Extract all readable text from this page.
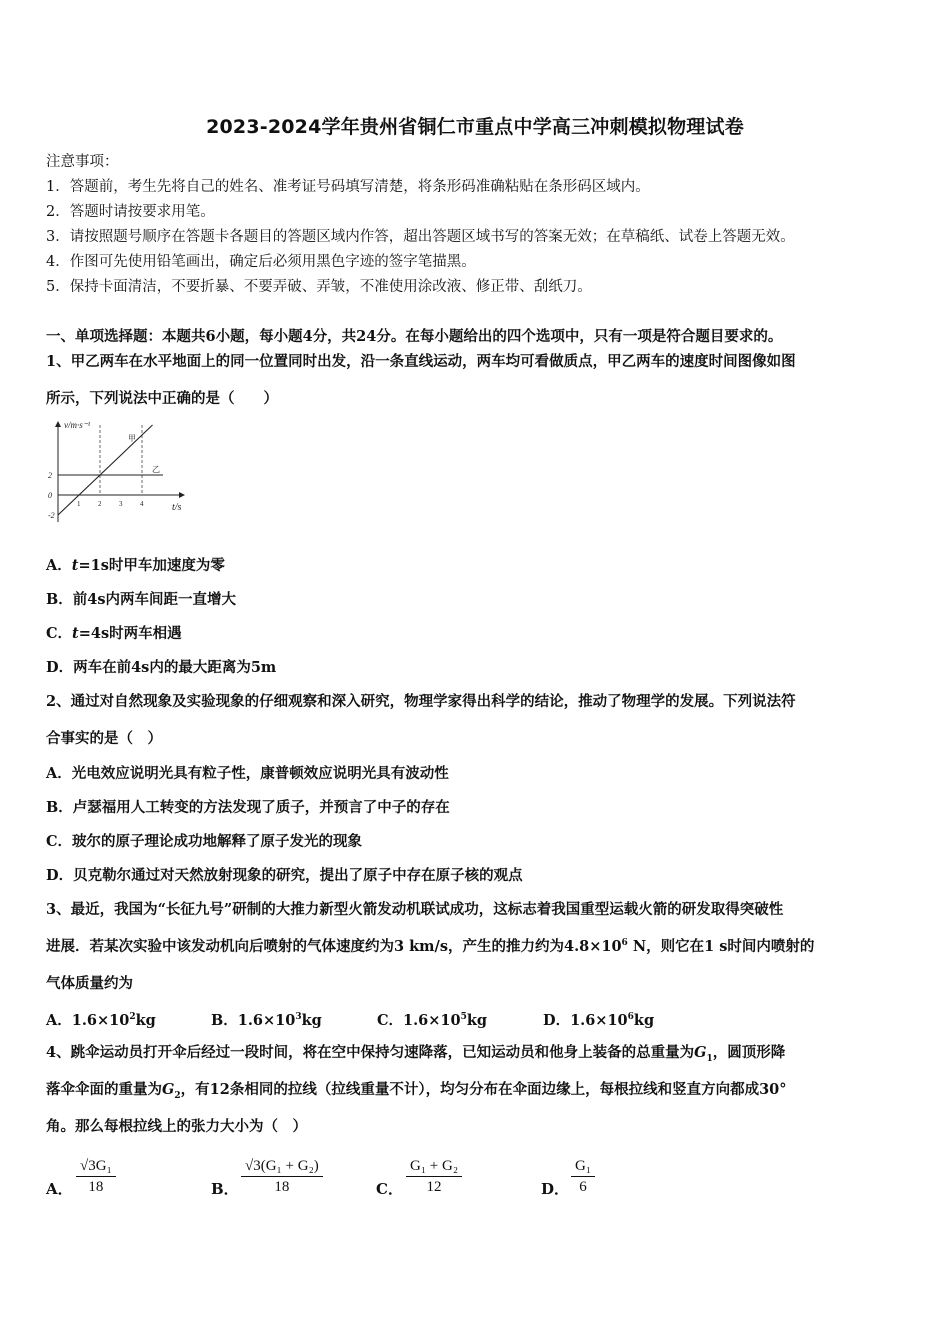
2023-2024学年贵州省铜仁市重点中学高三冲刺模拟物理试卷
注意事项：
1．答题前，考生先将自己的姓名、准考证号码填写清楚，将条形码准确粘贴在条形码区域内。
2．答题时请按要求用笔。
3．请按照题号顺序在答题卡各题目的答题区域内作答，超出答题区域书写的答案无效；在草稿纸、试卷上答题无效。
4．作图可先使用铅笔画出，确定后必须用黑色字迹的签字笔描黑。
5．保持卡面清洁，不要折暴、不要弄破、弄皱，不准使用涂改液、修正带、刮纸刀。
一、单项选择题：本题共6小题，每小题4分，共24分。在每小题给出的四个选项中，只有一项是符合题目要求的。
1、甲乙两车在水平地面上的同一位置同时出发，沿一条直线运动，两车均可看做质点，甲乙两车的速度时间图像如图
所示，下列说法中正确的是（　　）
1	2	3	4
2
0
-2
v/m·s⁻¹
t/s
甲
乙
A．t=1s时甲车加速度为零
B．前4s内两车间距一直增大
C．t=4s时两车相遇
D．两车在前4s内的最大距离为5m
2、通过对自然现象及实验现象的仔细观察和深入研究，物理学家得出科学的结论，推动了物理学的发展。下列说法符
合事实的是（　）
A．光电效应说明光具有粒子性，康普顿效应说明光具有波动性
B．卢瑟福用人工转变的方法发现了质子，并预言了中子的存在
C．玻尔的原子理论成功地解释了原子发光的现象
D．贝克勒尔通过对天然放射现象的研究，提出了原子中存在原子核的观点
3、最近，我国为“长征九号”研制的大推力新型火箭发动机联试成功，这标志着我国重型运载火箭的研发取得突破性
进展．若某次实验中该发动机向后喷射的气体速度约为3 km/s，产生的推力约为$4.8\times 10^6$ N，则它在1 s时间内喷射的
气体质量约为
A．$1.6\times 10^2kg$	B．$1.6\times 10^3kg$	C．$1.6\times 10^5kg$	D．$1.6\times 10^6kg$
4、跳伞运动员打开伞后经过一段时间，将在空中保持匀速降落，已知运动员和他身上装备的总重量为$G_1$，圆顶形降
落伞伞面的重量为$G_2$，有12条相同的拉线（拉线重量不计），均匀分布在伞面边缘上，每根拉线和竖直方向都成30°
角。那么每根拉线上的张力大小为（　）
A． $\frac{\text{√3G₁}}{18}$	B． $\frac{\text{√3(G₁ + G₂)}}{18}$	C． $\frac{\text{G₁ + G₂}}{12}$	D． $\frac{\text{G₁}}{6}$
